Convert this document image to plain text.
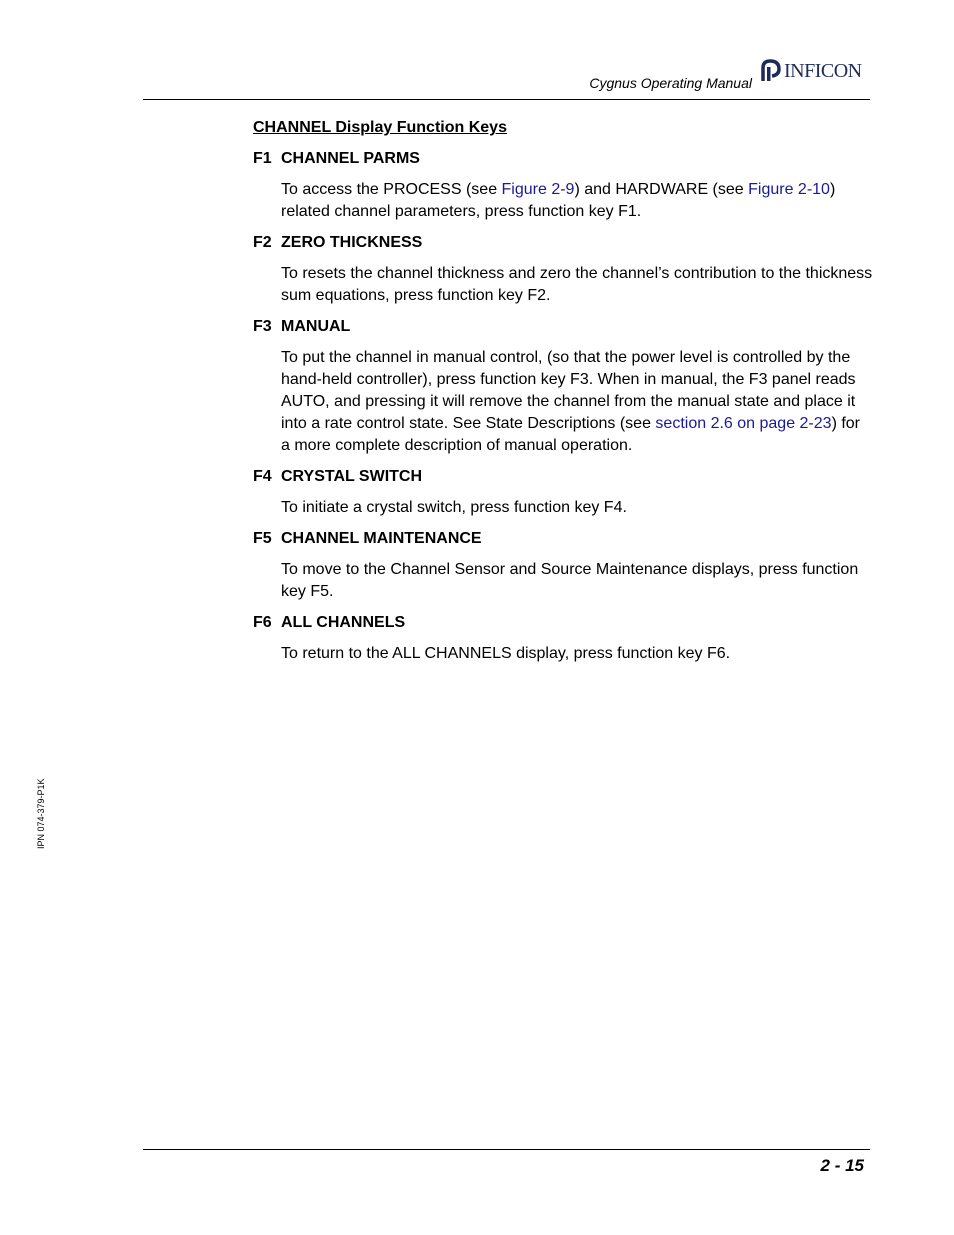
Cygnus Operating Manual
INFICON
CHANNEL Display Function Keys
F1 CHANNEL PARMS

To access the PROCESS (see Figure 2-9) and HARDWARE (see Figure 2-10) related channel parameters, press function key F1.

F2 ZERO THICKNESS

To resets the channel thickness and zero the channel’s contribution to the thickness sum equations, press function key F2.

F3 MANUAL

To put the channel in manual control, (so that the power level is controlled by the hand-held controller), press function key F3. When in manual, the F3 panel reads AUTO, and pressing it will remove the channel from the manual state and place it into a rate control state. See State Descriptions (see section 2.6 on page 2-23) for a more complete description of manual operation.

F4 CRYSTAL SWITCH

To initiate a crystal switch, press function key F4.

F5 CHANNEL MAINTENANCE

To move to the Channel Sensor and Source Maintenance displays, press function key F5.

F6 ALL CHANNELS

To return to the ALL CHANNELS display, press function key F6.

IPN 074-379-P1K
2 - 15
